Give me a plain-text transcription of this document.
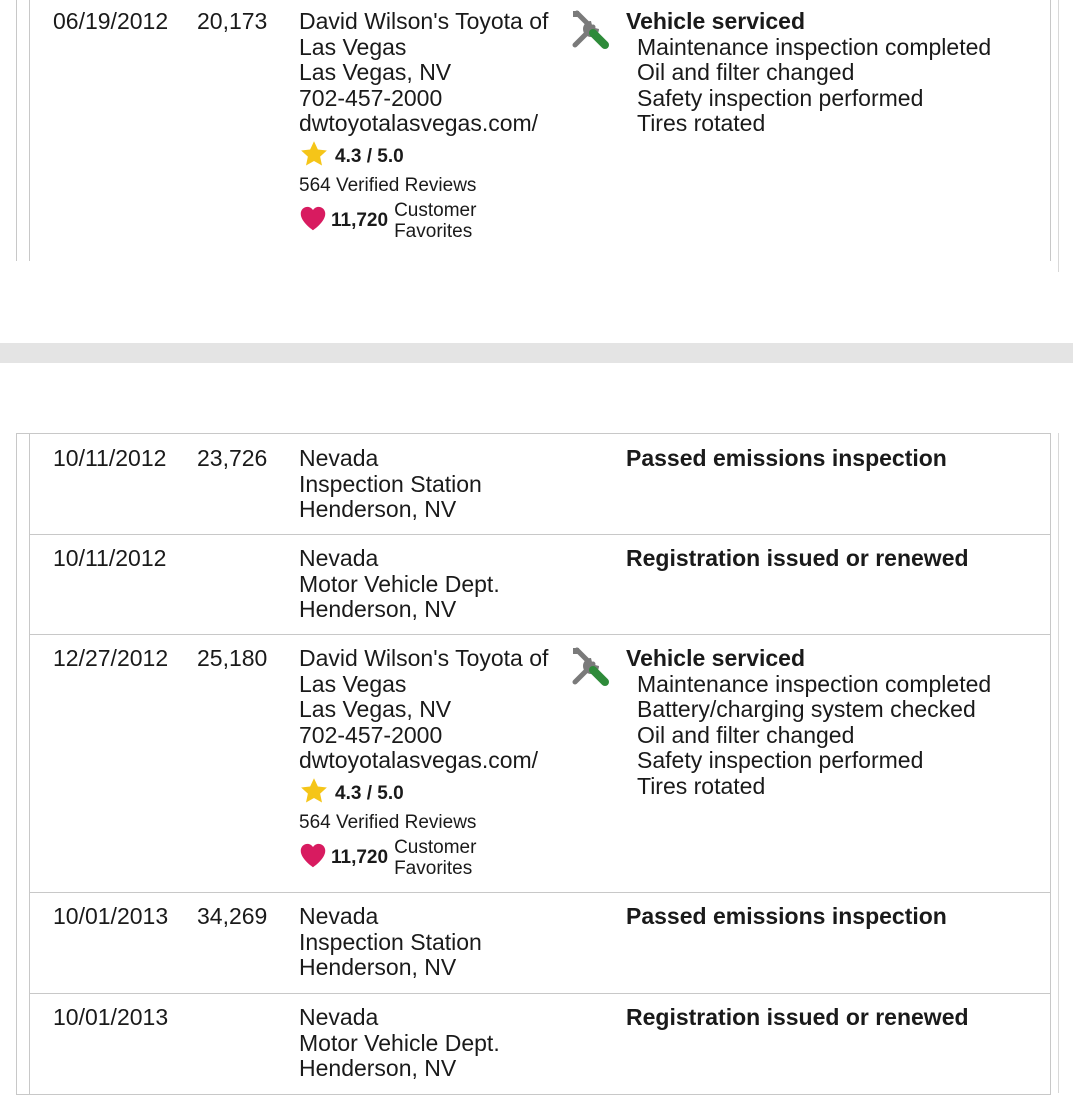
06/19/2012 20,173 David Wilson's Toyota of
Las Vegas
Las Vegas, NV
702-457-2000
dwtoyotalasvegas.com/
4.3 / 5.0
564 Verified Reviews
11,720 Customer
Favorites
Vehicle serviced
Maintenance inspection completed
Oil and filter changed
Safety inspection performed
Tires rotated
10/11/2012 23,726 Nevada
Inspection Station
Henderson, NV
Passed emissions inspection
10/11/2012	Nevada
Motor Vehicle Dept.
Henderson, NV
Registration issued or renewed
12/27/2012 25,180 David Wilson's Toyota of
Las Vegas
Las Vegas, NV
702-457-2000
dwtoyotalasvegas.com/
4.3 / 5.0
564 Verified Reviews
11,720 Customer
Favorites
Vehicle serviced
Maintenance inspection completed
Battery/charging system checked
Oil and filter changed
Safety inspection performed
Tires rotated
10/01/2013 34,269 Nevada
Inspection Station
Henderson, NV
Passed emissions inspection
10/01/2013	Nevada
Motor Vehicle Dept.
Henderson, NV
Registration issued or renewed
